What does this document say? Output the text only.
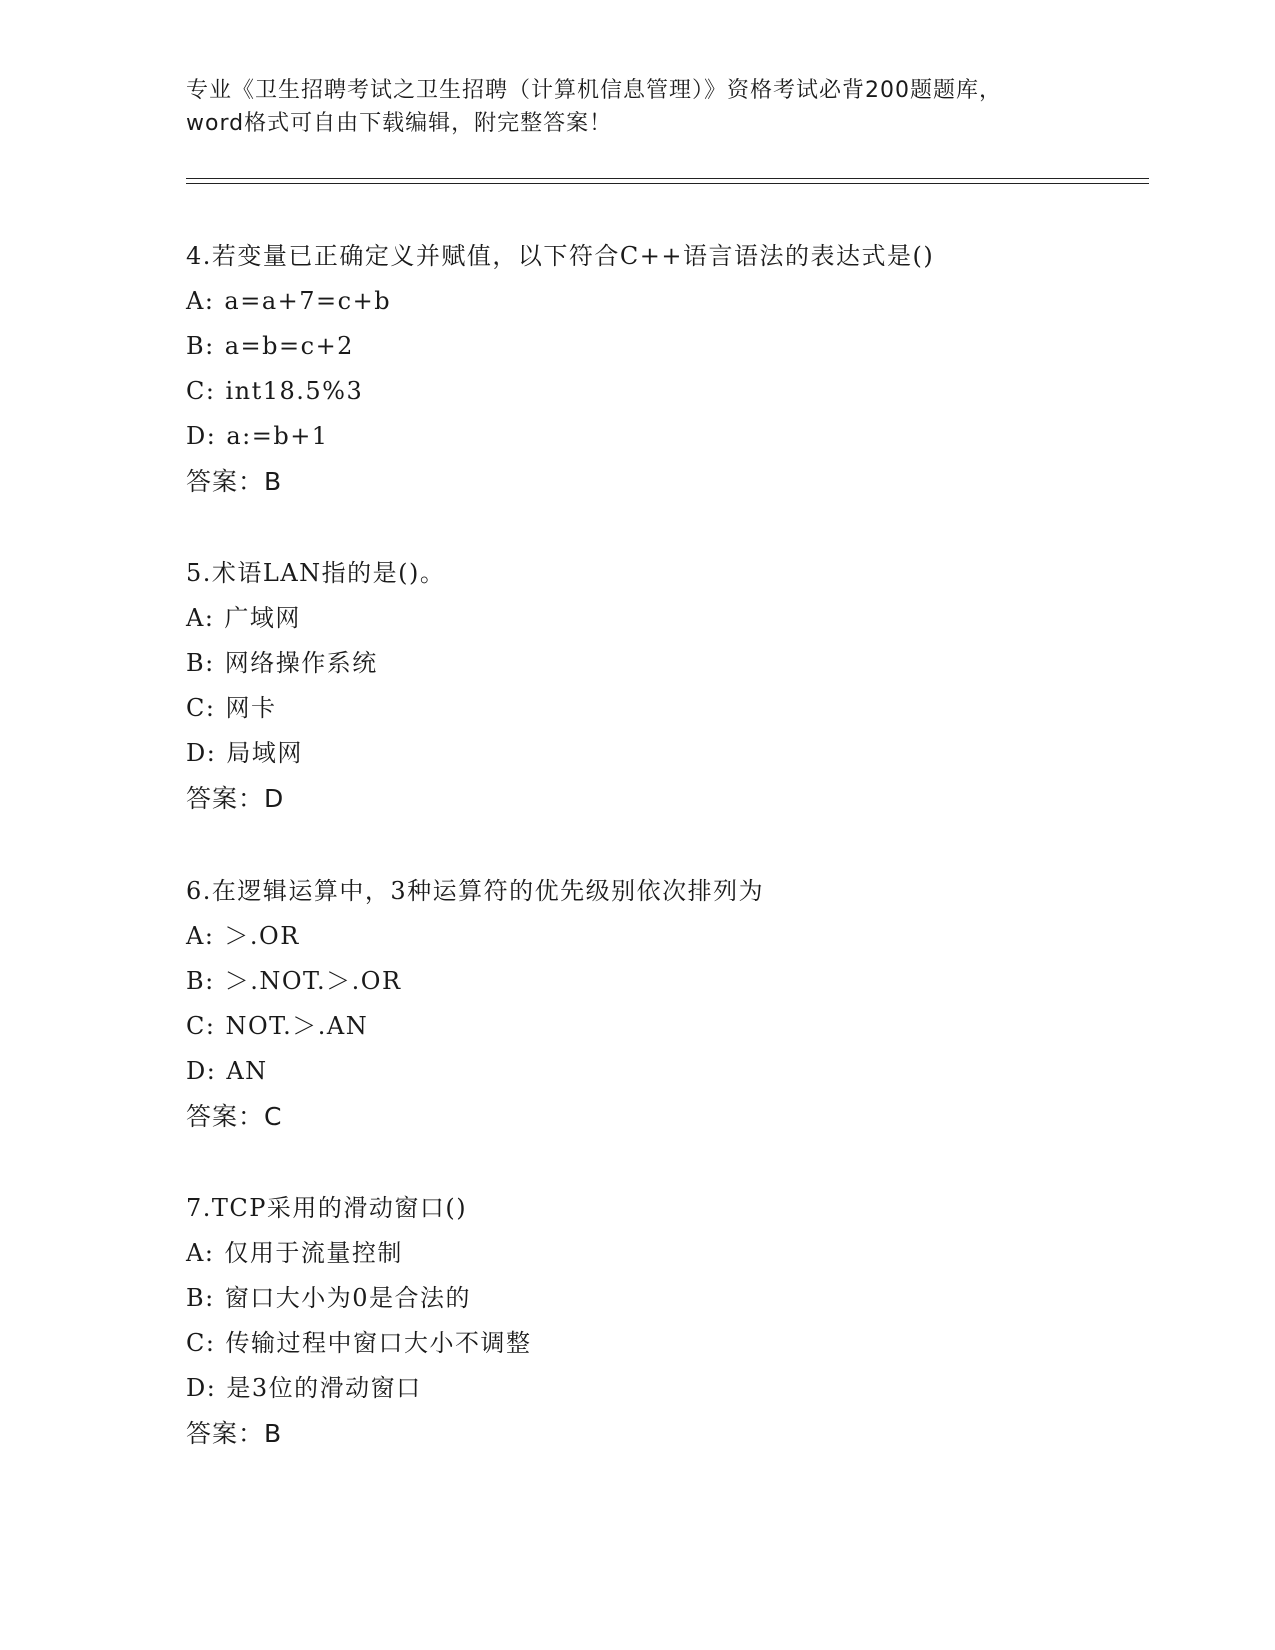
专业《卫生招聘考试之卫生招聘（计算机信息管理）》资格考试必背200题题库，
word格式可自由下载编辑，附完整答案！
4.若变量已正确定义并赋值，以下符合C++语言语法的表达式是()
A: a=a+7=c+b
B: a=b=c+2
C: int18.5%3
D: a:=b+1
答案：B
5.术语LAN指的是()。
A: 广域网
B: 网络操作系统
C: 网卡
D: 局域网
答案：D
6.在逻辑运算中，3种运算符的优先级别依次排列为
A: ＞.OR
B: ＞.NOT.＞.OR
C: NOT.＞.AN
D: AN
答案：C
7.TCP采用的滑动窗口()
A: 仅用于流量控制
B: 窗口大小为0是合法的
C: 传输过程中窗口大小不调整
D: 是3位的滑动窗口
答案：B
